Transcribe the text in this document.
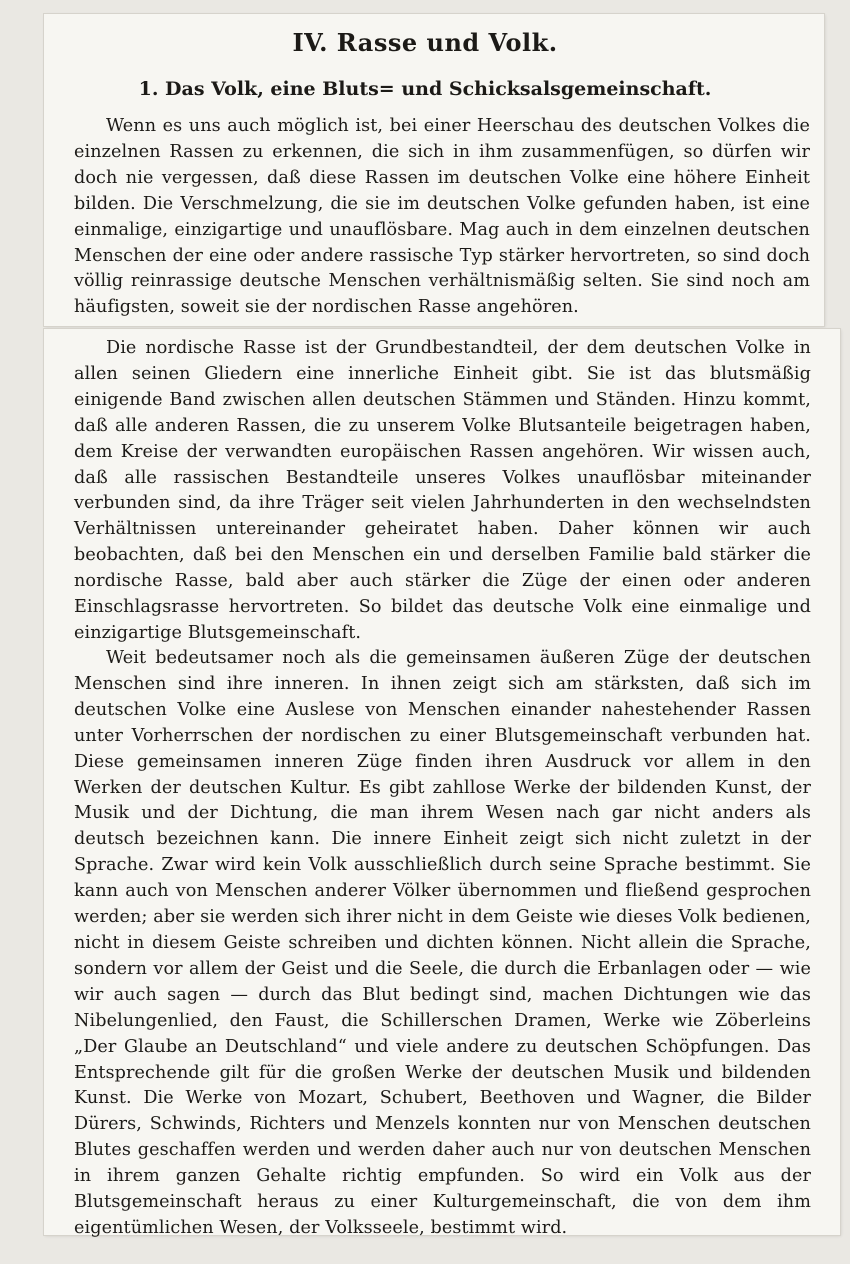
IV. Rasse und Volk.
1. Das Volk, eine Bluts= und Schicksalsgemeinschaft.

Wenn es uns auch möglich ist, bei einer Heerschau des deutschen Volkes die einzelnen Rassen zu erkennen, die sich in ihm zusammenfügen, so dürfen wir doch nie vergessen, daß diese Rassen im deutschen Volke eine höhere Einheit bilden. Die Verschmelzung, die sie im deutschen Volke gefunden haben, ist eine einmalige, einzigartige und unauflösbare. Mag auch in dem einzelnen deutschen Menschen der eine oder andere rassische Typ stärker hervortreten, so sind doch völlig reinrassige deutsche Menschen verhältnismäßig selten. Sie sind noch am häufigsten, soweit sie der nordischen Rasse angehören.

Die nordische Rasse ist der Grundbestandteil, der dem deutschen Volke in allen seinen Gliedern eine innerliche Einheit gibt. Sie ist das blutsmäßig einigende Band zwischen allen deutschen Stämmen und Ständen. Hinzu kommt, daß alle anderen Rassen, die zu unserem Volke Blutsanteile beigetragen haben, dem Kreise der verwandten europäischen Rassen angehören. Wir wissen auch, daß alle rassischen Bestandteile unseres Volkes unauflösbar miteinander verbunden sind, da ihre Träger seit vielen Jahrhunderten in den wechselndsten Verhältnissen untereinander geheiratet haben. Daher können wir auch beobachten, daß bei den Menschen ein und derselben Familie bald stärker die nordische Rasse, bald aber auch stärker die Züge der einen oder anderen Einschlagsrasse hervortreten. So bildet das deutsche Volk eine einmalige und einzigartige Blutsgemeinschaft.

Weit bedeutsamer noch als die gemeinsamen äußeren Züge der deutschen Menschen sind ihre inneren. In ihnen zeigt sich am stärksten, daß sich im deutschen Volke eine Auslese von Menschen einander nahestehender Rassen unter Vorherrschen der nordischen zu einer Blutsgemeinschaft verbunden hat. Diese gemeinsamen inneren Züge finden ihren Ausdruck vor allem in den Werken der deutschen Kultur. Es gibt zahllose Werke der bildenden Kunst, der Musik und der Dichtung, die man ihrem Wesen nach gar nicht anders als deutsch bezeichnen kann. Die innere Einheit zeigt sich nicht zuletzt in der Sprache. Zwar wird kein Volk ausschließlich durch seine Sprache bestimmt. Sie kann auch von Menschen anderer Völker übernommen und fließend gesprochen werden; aber sie werden sich ihrer nicht in dem Geiste wie dieses Volk bedienen, nicht in diesem Geiste schreiben und dichten können. Nicht allein die Sprache, sondern vor allem der Geist und die Seele, die durch die Erbanlagen oder — wie wir auch sagen — durch das Blut bedingt sind, machen Dichtungen wie das Nibelungenlied, den Faust, die Schillerschen Dramen, Werke wie Zöberleins „Der Glaube an Deutschland“ und viele andere zu deutschen Schöpfungen. Das Entsprechende gilt für die großen Werke der deutschen Musik und bildenden Kunst. Die Werke von Mozart, Schubert, Beethoven und Wagner, die Bilder Dürers, Schwinds, Richters und Menzels konnten nur von Menschen deutschen Blutes geschaffen werden und werden daher auch nur von deutschen Menschen in ihrem ganzen Gehalte richtig empfunden. So wird ein Volk aus der Blutsgemeinschaft heraus zu einer Kulturgemeinschaft, die von dem ihm eigentümlichen Wesen, der Volksseele, bestimmt wird.
